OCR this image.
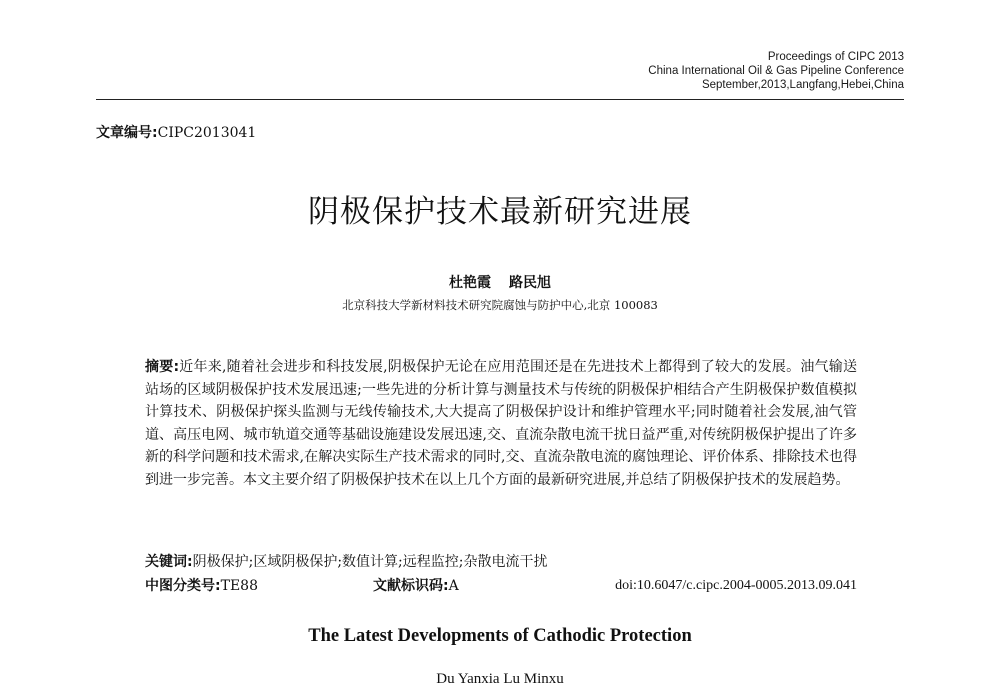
Proceedings of CIPC 2013
China International Oil & Gas Pipeline Conference
September,2013,Langfang,Hebei,China
文章编号:CIPC2013041
阴极保护技术最新研究进展
杜艳霞 路民旭
北京科技大学新材料技术研究院腐蚀与防护中心,北京 100083
摘要:近年来,随着社会进步和科技发展,阴极保护无论在应用范围还是在先进技术上都得到了较大的发展。油气输送站场的区域阴极保护技术发展迅速;一些先进的分析计算与测量技术与传统的阴极保护相结合产生阴极保护数值模拟计算技术、阴极保护探头监测与无线传输技术,大大提高了阴极保护设计和维护管理水平;同时随着社会发展,油气管道、高压电网、城市轨道交通等基础设施建设发展迅速,交、直流杂散电流干扰日益严重,对传统阴极保护提出了许多新的科学问题和技术需求,在解决实际生产技术需求的同时,交、直流杂散电流的腐蚀理论、评价体系、排除技术也得到进一步完善。本文主要介绍了阴极保护技术在以上几个方面的最新研究进展,并总结了阴极保护技术的发展趋势。
关键词:阴极保护;区域阴极保护;数值计算;远程监控;杂散电流干扰
中图分类号:TE88	文献标识码:A	doi:10.6047/c.cipc.2004-0005.2013.09.041
The Latest Developments of Cathodic Protection
Du Yanxia Lu Minxu
